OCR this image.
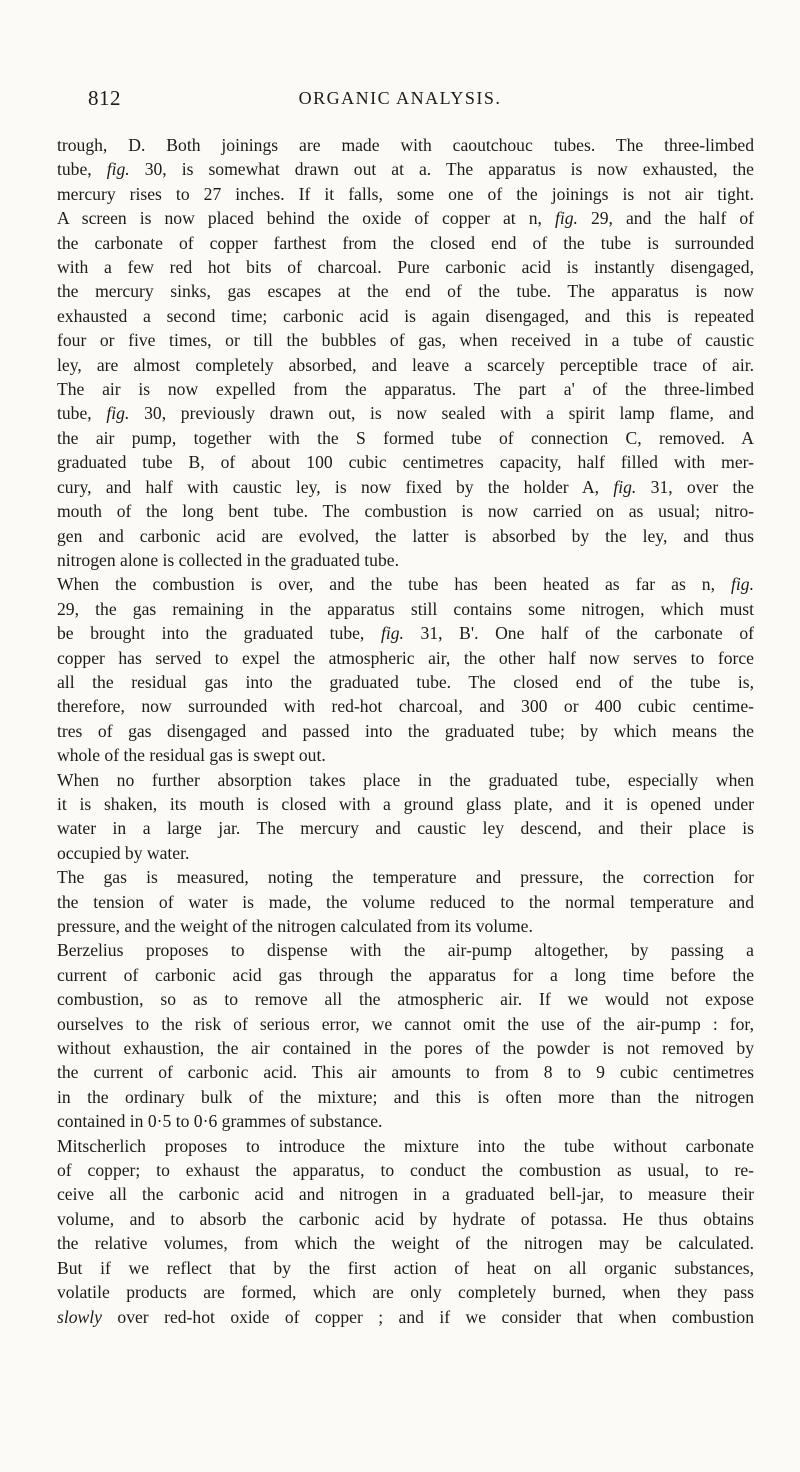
812	ORGANIC ANALYSIS.

trough, D. Both joinings are made with caoutchouc tubes. The three-limbed
tube, fig. 30, is somewhat drawn out at a. The apparatus is now exhausted, the
mercury rises to 27 inches. If it falls, some one of the joinings is not air tight.
A screen is now placed behind the oxide of copper at n, fig. 29, and the half of
the carbonate of copper farthest from the closed end of the tube is surrounded
with a few red hot bits of charcoal. Pure carbonic acid is instantly disengaged,
the mercury sinks, gas escapes at the end of the tube. The apparatus is now
exhausted a second time; carbonic acid is again disengaged, and this is repeated
four or five times, or till the bubbles of gas, when received in a tube of caustic
ley, are almost completely absorbed, and leave a scarcely perceptible trace of air.
The air is now expelled from the apparatus. The part a' of the three-limbed
tube, fig. 30, previously drawn out, is now sealed with a spirit lamp flame, and
the air pump, together with the S formed tube of connection C, removed. A
graduated tube B, of about 100 cubic centimetres capacity, half filled with mer-
cury, and half with caustic ley, is now fixed by the holder A, fig. 31, over the
mouth of the long bent tube. The combustion is now carried on as usual; nitro-
gen and carbonic acid are evolved, the latter is absorbed by the ley, and thus
nitrogen alone is collected in the graduated tube.

When the combustion is over, and the tube has been heated as far as n, fig.
29, the gas remaining in the apparatus still contains some nitrogen, which must
be brought into the graduated tube, fig. 31, B'. One half of the carbonate of
copper has served to expel the atmospheric air, the other half now serves to force
all the residual gas into the graduated tube. The closed end of the tube is,
therefore, now surrounded with red-hot charcoal, and 300 or 400 cubic centime-
tres of gas disengaged and passed into the graduated tube; by which means the
whole of the residual gas is swept out.

When no further absorption takes place in the graduated tube, especially when
it is shaken, its mouth is closed with a ground glass plate, and it is opened under
water in a large jar. The mercury and caustic ley descend, and their place is
occupied by water.

The gas is measured, noting the temperature and pressure, the correction for
the tension of water is made, the volume reduced to the normal temperature and
pressure, and the weight of the nitrogen calculated from its volume.

Berzelius proposes to dispense with the air-pump altogether, by passing a
current of carbonic acid gas through the apparatus for a long time before the
combustion, so as to remove all the atmospheric air. If we would not expose
ourselves to the risk of serious error, we cannot omit the use of the air-pump : for,
without exhaustion, the air contained in the pores of the powder is not removed by
the current of carbonic acid. This air amounts to from 8 to 9 cubic centimetres
in the ordinary bulk of the mixture; and this is often more than the nitrogen
contained in 0·5 to 0·6 grammes of substance.

Mitscherlich proposes to introduce the mixture into the tube without carbonate
of copper; to exhaust the apparatus, to conduct the combustion as usual, to re-
ceive all the carbonic acid and nitrogen in a graduated bell-jar, to measure their
volume, and to absorb the carbonic acid by hydrate of potassa. He thus obtains
the relative volumes, from which the weight of the nitrogen may be calculated.
But if we reflect that by the first action of heat on all organic substances,
volatile products are formed, which are only completely burned, when they pass
slowly over red-hot oxide of copper ; and if we consider that when combustion
